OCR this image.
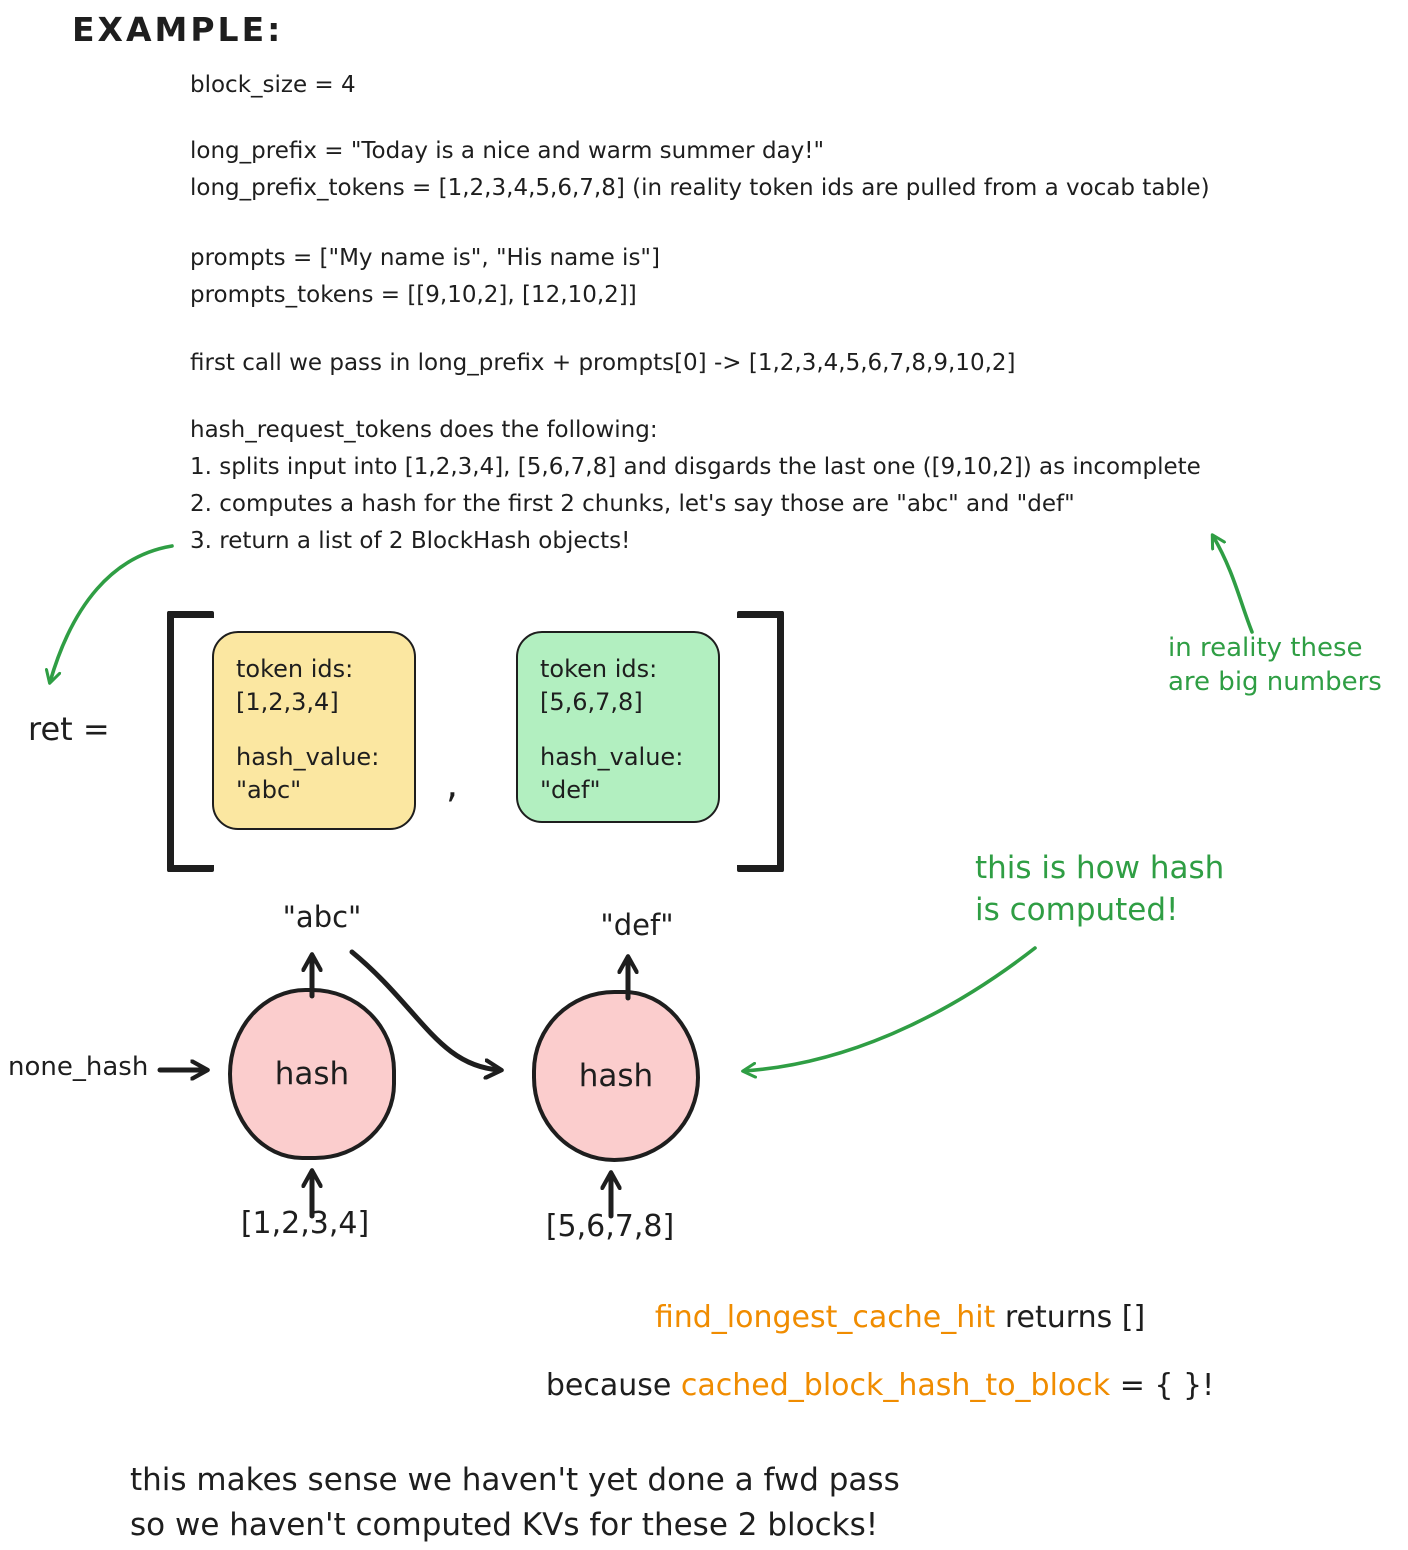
EXAMPLE:
block_size = 4
long_prefix = "Today is a nice and warm summer day!"
long_prefix_tokens = [1,2,3,4,5,6,7,8] (in reality token ids are pulled from a vocab table)
prompts = ["My name is", "His name is"]
prompts_tokens = [[9,10,2], [12,10,2]]
first call we pass in long_prefix + prompts[0] -> [1,2,3,4,5,6,7,8,9,10,2]
hash_request_tokens does the following:
1. splits input into [1,2,3,4], [5,6,7,8] and disgards the last one ([9,10,2]) as incomplete
2. computes a hash for the first 2 chunks, let's say those are "abc" and "def"
3. return a list of 2 BlockHash objects!
in reality these
are big numbers
ret =
token ids:
[1,2,3,4]
hash_value:
"abc"	,
token ids:
[5,6,7,8]
hash_value:
"def"
this is how hash
is computed!
"abc"	"def"
none_hash	hash	hash
[1,2,3,4]	[5,6,7,8]
find_longest_cache_hit returns []
because cached_block_hash_to_block = { }!
this makes sense we haven't yet done a fwd pass
so we haven't computed KVs for these 2 blocks!
